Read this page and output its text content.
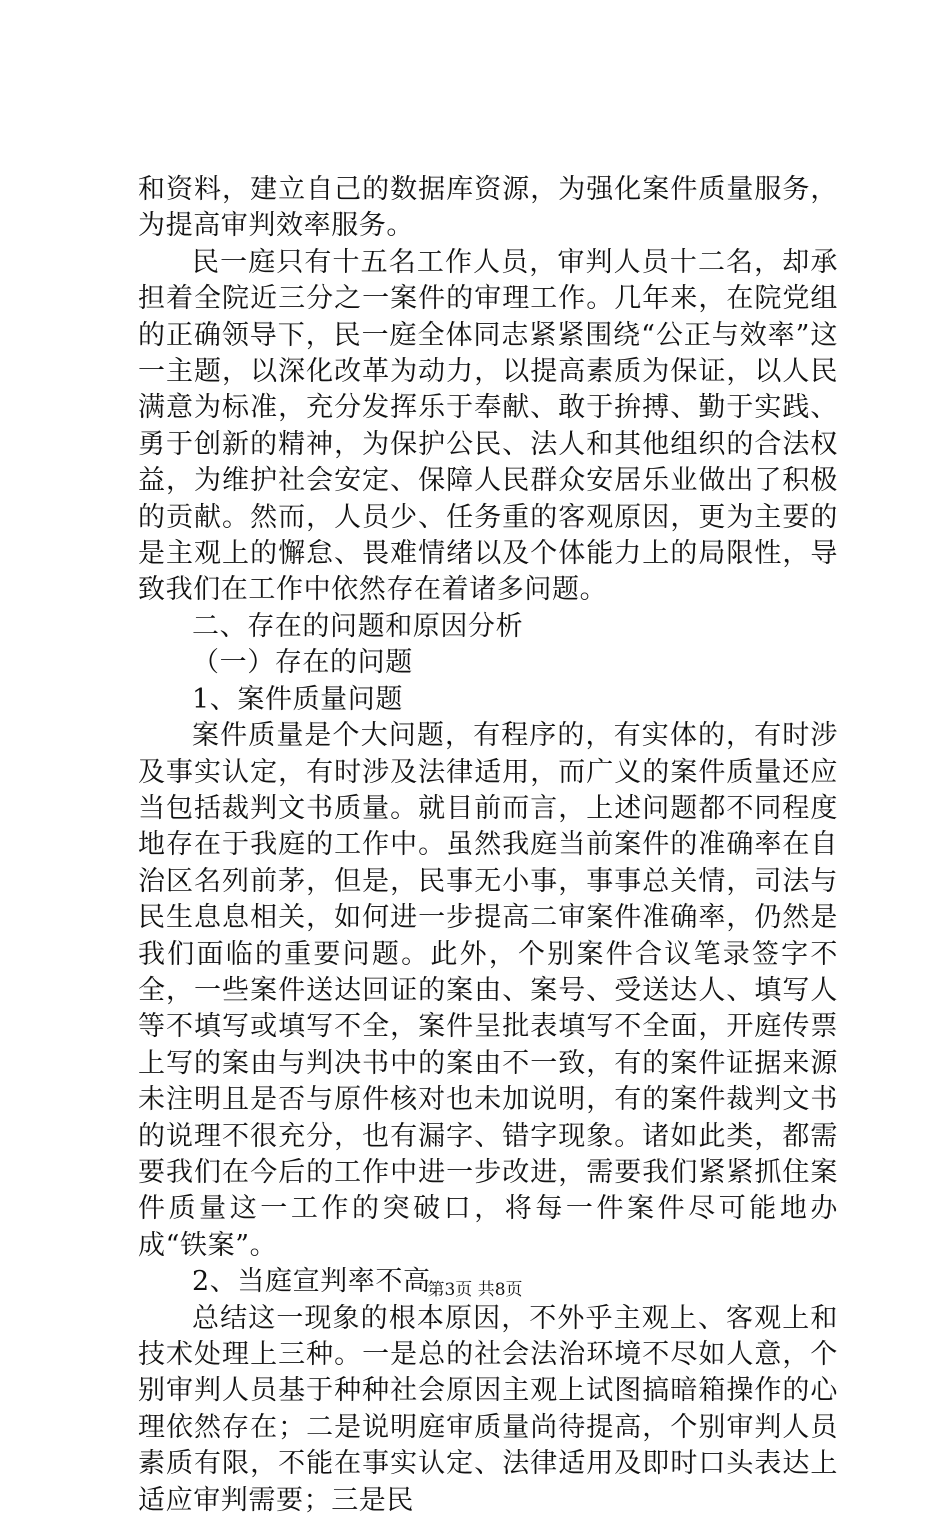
和资料，建立自己的数据库资源，为强化案件质量服务，为提高审判效率服务。

民一庭只有十五名工作人员，审判人员十二名，却承担着全院近三分之一案件的审理工作。几年来，在院党组的正确领导下，民一庭全体同志紧紧围绕“公正与效率”这一主题，以深化改革为动力，以提高素质为保证，以人民满意为标准，充分发挥乐于奉献、敢于拚搏、勤于实践、勇于创新的精神，为保护公民、法人和其他组织的合法权益，为维护社会安定、保障人民群众安居乐业做出了积极的贡献。然而，人员少、任务重的客观原因，更为主要的是主观上的懈怠、畏难情绪以及个体能力上的局限性，导致我们在工作中依然存在着诸多问题。

二、存在的问题和原因分析

（一）存在的问题

1、案件质量问题

案件质量是个大问题，有程序的，有实体的，有时涉及事实认定，有时涉及法律适用，而广义的案件质量还应当包括裁判文书质量。就目前而言，上述问题都不同程度地存在于我庭的工作中。虽然我庭当前案件的准确率在自治区名列前茅，但是，民事无小事，事事总关情，司法与民生息息相关，如何进一步提高二审案件准确率，仍然是我们面临的重要问题。此外，个别案件合议笔录签字不全，一些案件送达回证的案由、案号、受送达人、填写人等不填写或填写不全，案件呈批表填写不全面，开庭传票上写的案由与判决书中的案由不一致，有的案件证据来源未注明且是否与原件核对也未加说明，有的案件裁判文书的说理不很充分，也有漏字、错字现象。诸如此类，都需要我们在今后的工作中进一步改进，需要我们紧紧抓住案件质量这一工作的突破口，将每一件案件尽可能地办成“铁案”。

2、当庭宣判率不高

总结这一现象的根本原因，不外乎主观上、客观上和技术处理上三种。一是总的社会法治环境不尽如人意，个别审判人员基于种种社会原因主观上试图搞暗箱操作的心理依然存在；二是说明庭审质量尚待提高，个别审判人员素质有限，不能在事实认定、法律适用及即时口头表达上适应审判需要；三是民

第3页 共8页
